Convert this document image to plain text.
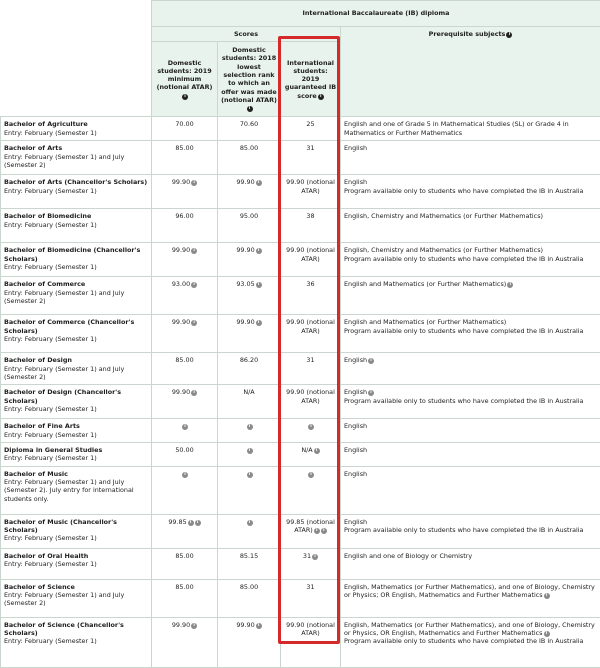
	International Baccalaureate (IB) diploma			
	Scores			Prerequisite subjects i
	Domestic students: 2019 minimum (notional ATAR)i	Domestic students: 2018 lowest selection rank to which an offer was made (notional ATAR)i	International students: 2019 guaranteed IB score i	

Bachelor of Agriculture
Entry: February (Semester 1)	70.00	70.60	25	English and one of Grade 5 in Mathematical Studies (SL) or Grade 4 in Mathematics or Further Mathematics

Bachelor of Arts
Entry: February (Semester 1) and July (Semester 2)	85.00	85.00	31	English

Bachelor of Arts (Chancellor's Scholars)
Entry: February (Semester 1)	99.90 i	99.90 i	99.90 (notional ATAR)	English
Program available only to students who have completed the IB in Australia

Bachelor of Biomedicine
Entry: February (Semester 1)	96.00	95.00	38	English, Chemistry and Mathematics (or Further Mathematics)

Bachelor of Biomedicine (Chancellor's Scholars)
Entry: February (Semester 1)	99.90 i	99.90 i	99.90 (notional ATAR)	English, Chemistry and Mathematics (or Further Mathematics)
Program available only to students who have completed the IB in Australia

Bachelor of Commerce
Entry: February (Semester 1) and July (Semester 2)	93.00 i	93.05 i	36	English and Mathematics (or Further Mathematics) i

Bachelor of Commerce (Chancellor's Scholars)
Entry: February (Semester 1)	99.90 i	99.90 i	99.90 (notional ATAR)	English and Mathematics (or Further Mathematics)
Program available only to students who have completed the IB in Australia

Bachelor of Design
Entry: February (Semester 1) and July (Semester 2)	85.00	86.20	31	English i

Bachelor of Design (Chancellor's Scholars)
Entry: February (Semester 1)	99.90 i	N/A	99.90 (notional ATAR)	English i
Program available only to students who have completed the IB in Australia

Bachelor of Fine Arts
Entry: February (Semester 1)	i	i	i	English

Diploma in General Studies
Entry: February (Semester 1)	50.00	i	N/A i	English

Bachelor of Music
Entry: February (Semester 1) and July (Semester 2). July entry for international students only.	i	i	i	English

Bachelor of Music (Chancellor's Scholars)
Entry: February (Semester 1)	99.85 i i	i	99.85 (notional ATAR) i i	English
Program available only to students who have completed the IB in Australia

Bachelor of Oral Health
Entry: February (Semester 1)	85.00	85.15	31 i	English and one of Biology or Chemistry

Bachelor of Science
Entry: February (Semester 1) and July (Semester 2)	85.00	85.00	31	English, Mathematics (or Further Mathematics), and one of Biology, Chemistry or Physics; OR English, Mathematics and Further Mathematics i

Bachelor of Science (Chancellor's Scholars)
Entry: February (Semester 1)	99.90 i	99.90 i	99.90 (notional ATAR)	English, Mathematics (or Further Mathematics), and one of Biology, Chemistry or Physics, OR English, Mathematics and Further Mathematics i
Program available only to students who have completed the IB in Australia
